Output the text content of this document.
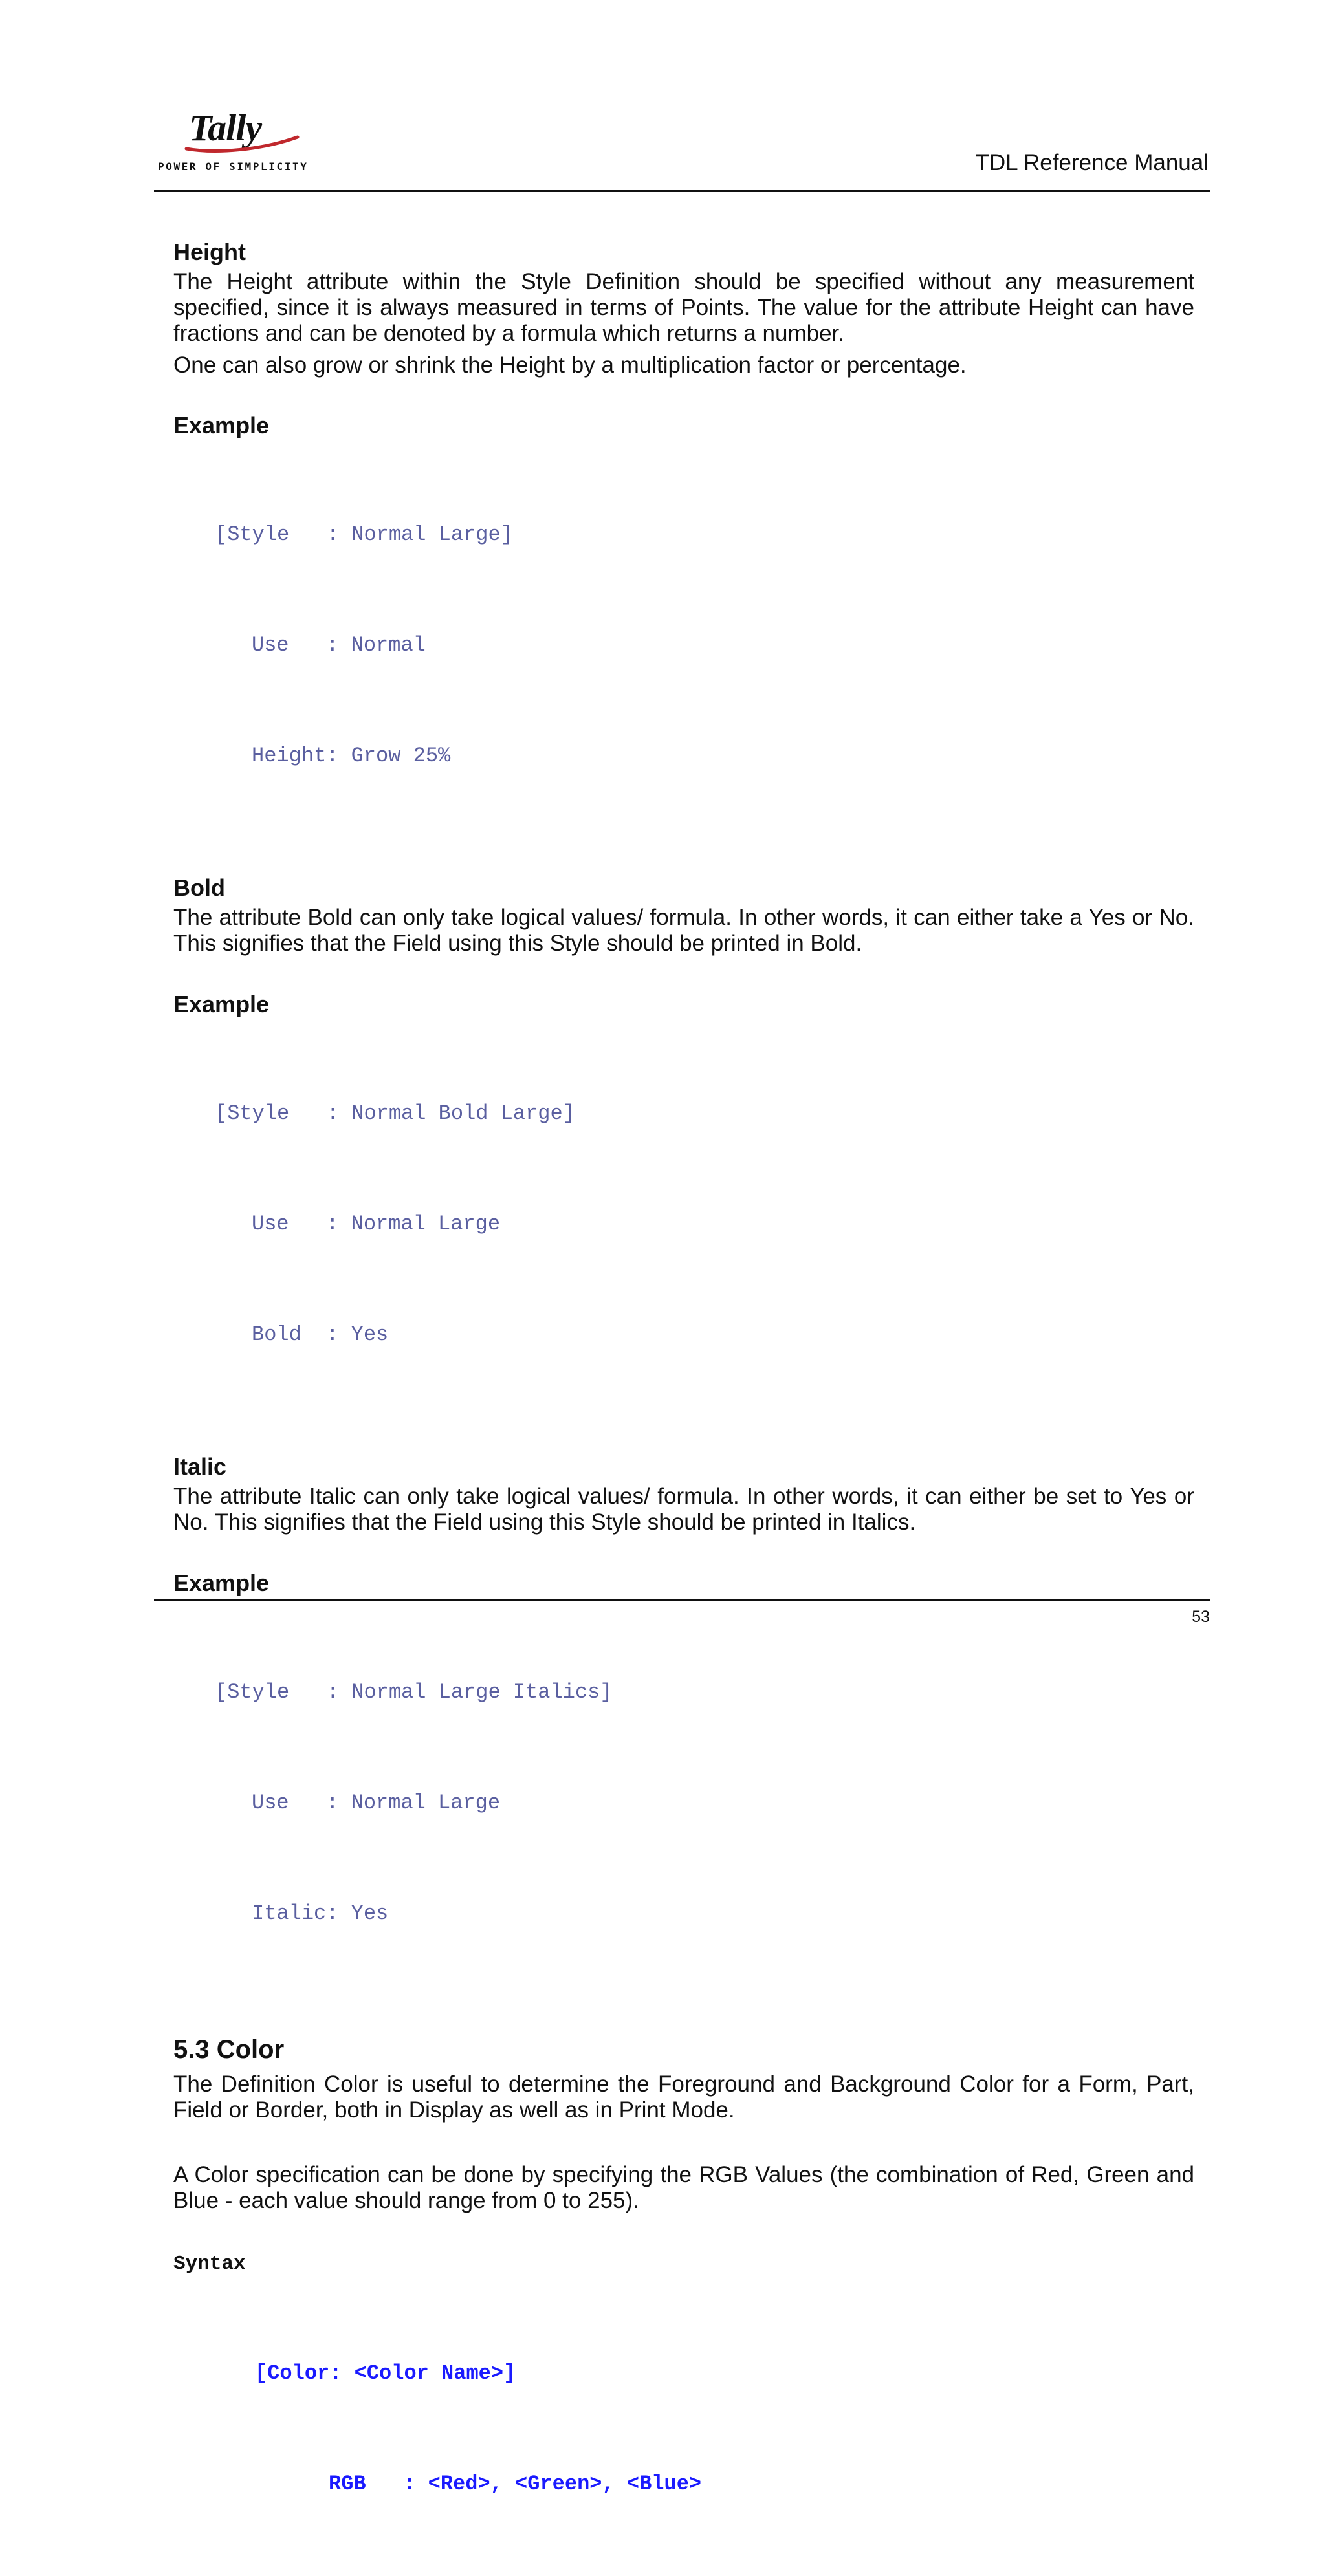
Tally
POWER OF SIMPLICITY	TDL Reference Manual
Height

The Height attribute within the Style Definition should be specified without any measurement specified, since it is always measured in terms of Points. The value for the attribute Height can have fractions and can be denoted by a formula which returns a number.

One can also grow or shrink the Height by a multiplication factor or percentage.

Example

[Style   : Normal Large]

Use   : Normal

Height: Grow 25%

Bold

The attribute Bold can only take logical values/ formula. In other words, it can either take a Yes or No. This signifies that the Field using this Style should be printed in Bold.

Example

[Style   : Normal Bold Large]

Use   : Normal Large

Bold  : Yes

Italic

The attribute Italic can only take logical values/ formula. In other words, it can either be set to Yes or No. This signifies that the Field using this Style should be printed in Italics.

Example

[Style   : Normal Large Italics]

Use   : Normal Large

Italic: Yes

5.3 Color

The Definition Color is useful to determine the Foreground and Background Color for a Form, Part, Field or Border, both in Display as well as in Print Mode.

A Color specification can be done by specifying the RGB Values (the combination of Red, Green and Blue - each value should range from 0 to 255).

Syntax

[Color: <Color Name>]

RGB   : <Red>, <Green>, <Blue>

53
